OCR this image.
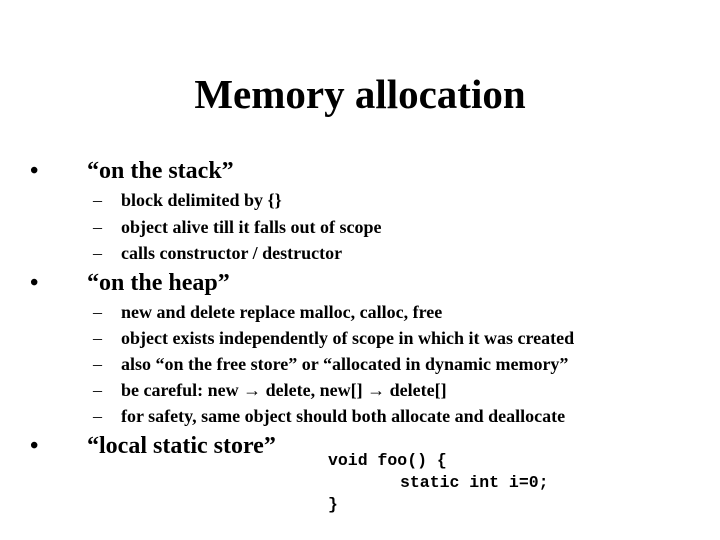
Memory allocation
• “on the stack”
– block delimited by {}
– object alive till it falls out of scope
– calls constructor / destructor
• “on the heap”
– new and delete replace malloc, calloc, free
– object exists independently of scope in which it was created
– also “on the free store” or “allocated in dynamic memory”
– be careful: new → delete, new[] → delete[]
– for safety, same object should both allocate and deallocate
• “local static store”
void foo() {
static int i=0;
}
